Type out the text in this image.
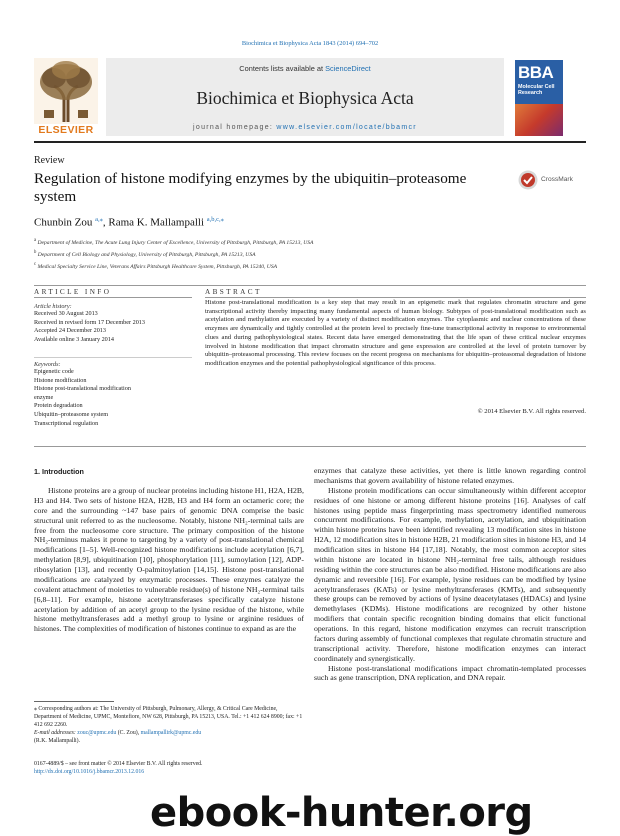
Biochimica et Biophysica Acta 1843 (2014) 694–702
ELSEVIER
Contents lists available at ScienceDirect
Biochimica et Biophysica Acta
journal homepage: www.elsevier.com/locate/bbamcr
BBA
Molecular Cell Research
Review
Regulation of histone modifying enzymes by the ubiquitin–proteasome system
CrossMark
Chunbin Zou $^{a,⁎}$, Rama K. Mallampalli $^{a,b,c,⁎}$
$^a$ Department of Medicine, The Acute Lung Injury Center of Excellence, University of Pittsburgh, Pittsburgh, PA 15213, USA
$^b$ Department of Cell Biology and Physiology, University of Pittsburgh, Pittsburgh, PA 15213, USA
$^c$ Medical Specialty Service Line, Veterans Affairs Pittsburgh Healthcare System, Pittsburgh, PA 15240, USA
ARTICLE INFO	ABSTRACT
Article history:
Received 30 August 2013
Received in revised form 17 December 2013
Accepted 24 December 2013
Available online 3 January 2014
Keywords:
Epigenetic code
Histone modification
Histone post-translational modification
enzyme
Protein degradation
Ubiquitin–proteasome system
Transcriptional regulation
Histone post-translational modification is a key step that may result in an epigenetic mark that regulates chromatin structure and gene transcriptional activity thereby impacting many fundamental aspects of human biology. Subtypes of post-translational modification such as acetylation and methylation are executed by a variety of distinct modification enzymes. The cytoplasmic and nuclear concentrations of these enzymes are dynamically and tightly controlled at the protein level to precisely fine-tune transcriptional activity in response to environmental clues and during pathophysiological states. Recent data have emerged demonstrating that the life span of these critical nuclear enzymes involved in histone modification that impact chromatin structure and gene expression are controlled at the level of protein turnover by ubiquitin–proteasomal processing. This review focuses on the recent progress on mechanisms for ubiquitin–proteasomal degradation of histone modification enzymes and the potential pathophysiological significance of this process.
© 2014 Elsevier B.V. All rights reserved.
1. Introduction

Histone proteins are a group of nuclear proteins including histone H1, H2A, H2B, H3 and H4. Two sets of histone H2A, H2B, H3 and H4 form an octameric core; the core and the surrounding ~147 base pairs of genomic DNA comprise the basic structural unit referred to as the nucleosome. Notably, histone NH₂-terminal tails are free from the nucleosome core structure. The primary composition of the histone NH₂-terminus makes it prone to targeting by a variety of post-translational chemical modifications [1–5]. Well-recognized histone modifications include acetylation [6,7], methylation [8,9], ubiquitination [10], phosphorylation [11], sumoylation [12], ADP-ribosylation [13], and recently O-palmitoylation [14,15]. Histone post-translational modifications are catalyzed by enzymatic processes. These enzymes catalyze the covalent attachment of moieties to vulnerable residue(s) of histone NH₂-terminal tails [6,8–11]. For example, histone acetyltransferases specifically catalyze histone acetylation by addition of an acetyl group to the lysine residue of the histone, while histone methyltransferases add a methyl group to lysine or arginine residues of histones. The complexities of modification of histones continue to expand as are the

enzymes that catalyze these activities, yet there is little known regarding control mechanisms that govern availability of histone related enzymes.

Histone protein modifications can occur simultaneously within different acceptor residues of one histone or among different histone proteins [16]. Analyses of calf histones using peptide mass fingerprinting mass spectrometry identified numerous concurrent modifications. For example, methylation, acetylation, and ubiquitination within histone proteins have been identified revealing 13 modification sites in histone H2A, 12 modification sites in histone H2B, 21 modification sites in histone H3, and 14 modification sites in histone H4 [17,18]. Notably, the most common acceptor sites within histone are located in histone NH₂-terminal free tails, although residues residing within the core structures can be also modified. Histone modifications are also dynamic and reversible [16]. For example, lysine residues can be modified by lysine acetyltransferases (KATs) or lysine methyltransferases (KMTs), and subsequently these groups can be removed by actions of lysine deacetylatases (HDACs) and lysine demethylases (KDMs). Histone modifications are recognized by other histone modifiers that contain specific recognition binding domains that elicit functional operations. In this regard, histone modification enzymes can recruit transcription factors during assembly of functional complexes that regulate chromatin structure and transcriptional activity. Therefore, histone modification enzymes can interact coordinately and synergistically.

Histone post-translational modifications impact chromatin-templated processes such as gene transcription, DNA replication, and DNA repair.

⁎ Corresponding authors at: The University of Pittsburgh, Pulmonary, Allergy, & Critical Care Medicine, Department of Medicine, UPMC, Montefiore, NW 628, Pittsburgh, PA 15213, USA. Tel.: +1 412 624 8900; fax: +1 412 692 2260.
E-mail addresses: zouc@upmc.edu (C. Zou), mallampallirk@upmc.edu
(R.K. Mallampalli).
0167-4889/$ – see front matter © 2014 Elsevier B.V. All rights reserved.
http://dx.doi.org/10.1016/j.bbamcr.2013.12.016
ebook-hunter.org
